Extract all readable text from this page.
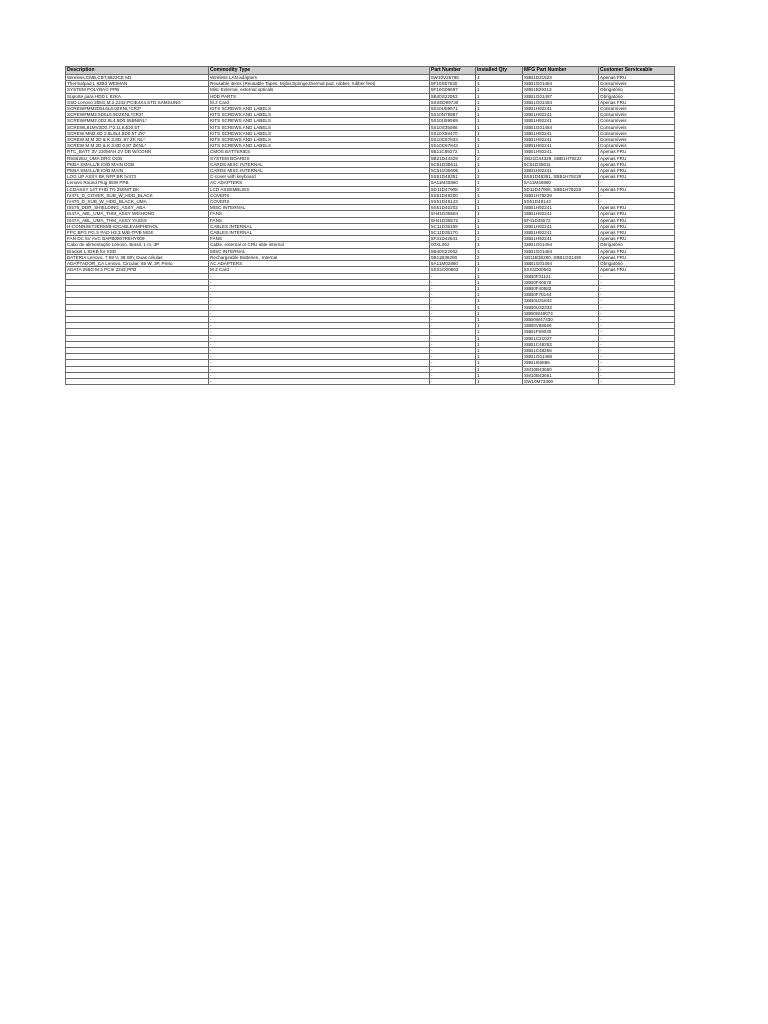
Description	Commodity Type	Part Number	Installed Qty	MFG Part Number	Customer Serviceable
Wireless,CMB,CBT,8822CE M2	Wireless LAN adapters	5W10V25795	1	SBB1D21523	Apenas FRU
Thermalpad L 82B3 WEIMAN	Reusable items (Reusable Tapes, Mylar,Sponge,thermal pad, rubber, rubber feet)	5F10S57630	1	SBB1G01484	Consumíveis
SYSTEM POLYBAG PPB	Misc External, external opticals	5F10G09697	1	SBB1B29313	Obrigatório
Suporte para HDD L 82KA	HDD PARTS	5B40S22053	1	SBB1G01487	Obrigatório
SSD Lenovo 256G,M.2,2242,PCIE4X4,STD,SAMSUNG	M.2 Card	5SS0D99730	1	SBB1G01484	Apenas FRU
SCREW#MM2D5L6L6.0ZKNL*CR3*	KITS SCREWS AND LABELS	5S10U59571	1	SBB1H92241	Consumíveis
SCREW#MM2.5D5L5.5DZKNL*CR3*	KITS SCREWS AND LABELS	5S10N78987	1	SBB1H92241	Consumíveis
SCREW#MM2.0D2.8L4.5D0.55BNINL*	KITS SCREWS AND LABELS	5S10U59569	1	SBB1H92241	Consumíveis
SCREWL81MV2D0.7*2.1LK4D0.5T	KITS SCREWS AND LABELS	5S10S35086	1	SBB1G01484	Consumíveis
SCREW MM2.0D 2.5L9L4.5D0.5T ZK*	KITS SCREWS AND LABELS	5S10X59470	1	SBB1H92241	Consumíveis
SCREW M M 2D & K 3.8D .87 ZK NL*	KITS SCREWS AND LABELS	5S10C67833	1	SBB1H92241	Consumíveis
SCREW M M 2D & K 3.8D 0.87 ZKNL*	KITS SCREWS AND LABELS	5S10C67843	1	SBB1H92241	Consumíveis
RTC_BATT 3V 220MAH 2V DB W/CONN	CMOS BATTERIES	5B11C89272	1	SBB1H92241	Apenas FRU
R5S625U_UMA DRG DGB	SYSTEM BOARDS	5B21D44329	2	SB21D44329, SBB1H79222	Apenas FRU
PEBA SMALL/B IO/B MAIN DGB	CARDS MISC INTERNAL	5C51D35611	1	5C51D35611	Apenas FRU
PEBA SMALL/B IO/B MAIN	CARDS MISC INTERNAL	5C51D35606	1	SBB1H92241	Apenas FRU
LOG UP ASSY BK NFP BR IV472	C-cover with keyboard	5S51D48351	2	5S51D48351, SBB1H79228	Apenas FRU
Lenovo Round Plug 65W PPB	AC ADAPTERS	5A11M40860	1	5A11M40860	-
LCDASSY 14T FHD TN 250NIT BK	LCD ASSEMBLIES	5D11D47908	2	5D11D47908, SBB1H79226	Apenas FRU
IV471_D_COVER_SUB_W_HDD_BLACK	COVERS	5S51D48200	1	SBB1H79229	-
IV470_D_SUB_W_HDD_BLACK_UMA	COVERS	5S51D48143	1	5S51D48143	-
IS578_DDR_SHIELDING_ASSY_ABA	MISC INTERNAL	5S61D40202	1	SBB1H92241	Apenas FRU
IS47A_ABL_UMA_THM_ASSY WEIHONG	FANS	5H41D35564	1	SBB1H92241	Apenas FRU
IS47A_ABL_UMA_THM_ASSY YASSS	FANS	5H41D35572	1	5F41D35572	Apenas FRU
H-CONNSET2ERM/B-IOCABLEAMPHENOL	CABLES INTERNAL	5C11D35159	1	SBB1H92241	Apenas FRU
FPC BFG PG.S PAD H3.3 M/B-TP/B MGE	CABLES INTERNAL	5C11D35170	1	SBB1H92241	Apenas FRU
FAN DC 5V AVC BAPB0807R5HY009	FANS	5F31D42641	1	SBB1H92241	Apenas FRU
Cabo de alimentação Lenovo, Brasil, 1 m, 3P	Cable, external or CRU able internal	00XL062	1	SBB1G01494	Obrigatório
Bracket L 82KB for SSD	MISC INTERNAL	5B40S22052	1	SBB1G01484	Apenas FRU
BATERIA Lenovo, 7.68 V, 38 Wh, Duas células	Rechargeable Batteries , Internal	5B11B36280	2	SB11B36280, SBB1G01490	Apenas FRU
ADAPTADOR_CA Lenovo, Circular, 65 W, 3P, Preto	AC ADAPTERS	5A11M02860	1	SBB1G01494	Obrigatório
ADATA 256G M.2 PCIe 2242 PPB	M.2 Card	5SS1D00663	1	5SS1D00662	Apenas FRU
	-	-	1	SBB0F31121	-
	-	-	1	SBB0F40578	-
	-	-	1	SBB0F40583	-
	-	-	1	SBB0F78144	-
	-	-	1	SBB0U31842	-
	-	-	1	SBB0U32333	-
	-	-	1	SBB0W49074	-
	-	-	1	SBB0W47430	-
	-	-	1	SBB0V88566	-
	-	-	1	SBB1F59030	-
	-	-	1	SBB1C21027	-
	-	-	1	SBB1C48253	-
	-	-	1	SBB1C48255	-
	-	-	1	SBB1G01488	-
	-	-	1	SBB1I55886	-
	-	-	1	SM10B43660	-
	-	-	1	SM10B43661	-
	-	-	1	SW10M73300	-
